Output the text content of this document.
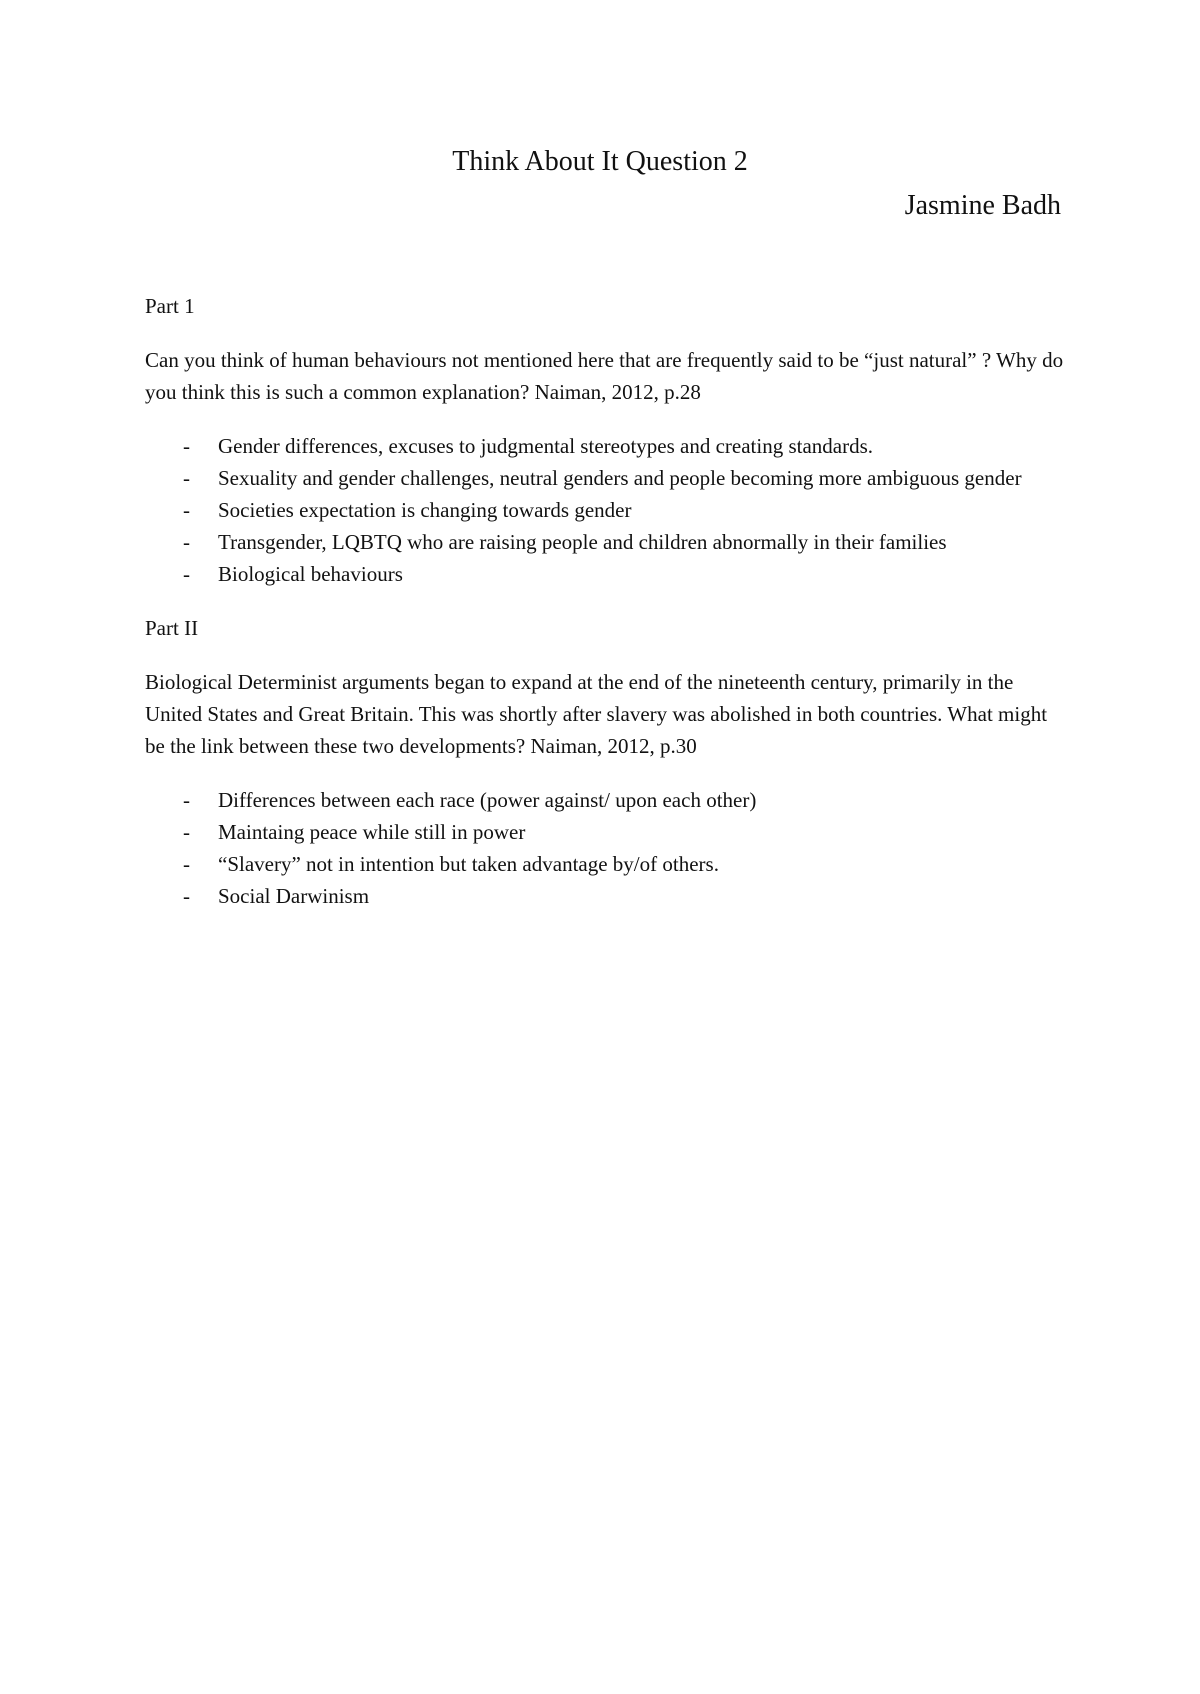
Think About It Question 2
Jasmine Badh

Part 1

Can you think of human behaviours not mentioned here that are frequently said to be “just natural” ? Why do you think this is such a common explanation? Naiman, 2012, p.28

- Gender differences, excuses to judgmental stereotypes and creating standards.
- Sexuality and gender challenges, neutral genders and people becoming more ambiguous gender
- Societies expectation is changing towards gender
- Transgender, LQBTQ who are raising people and children abnormally in their families
- Biological behaviours

Part II

Biological Determinist arguments began to expand at the end of the nineteenth century, primarily in the United States and Great Britain. This was shortly after slavery was abolished in both countries. What might be the link between these two developments? Naiman, 2012, p.30

- Differences between each race (power against/ upon each other)
- Maintaing peace while still in power
- “Slavery” not in intention but taken advantage by/of others.
- Social Darwinism
